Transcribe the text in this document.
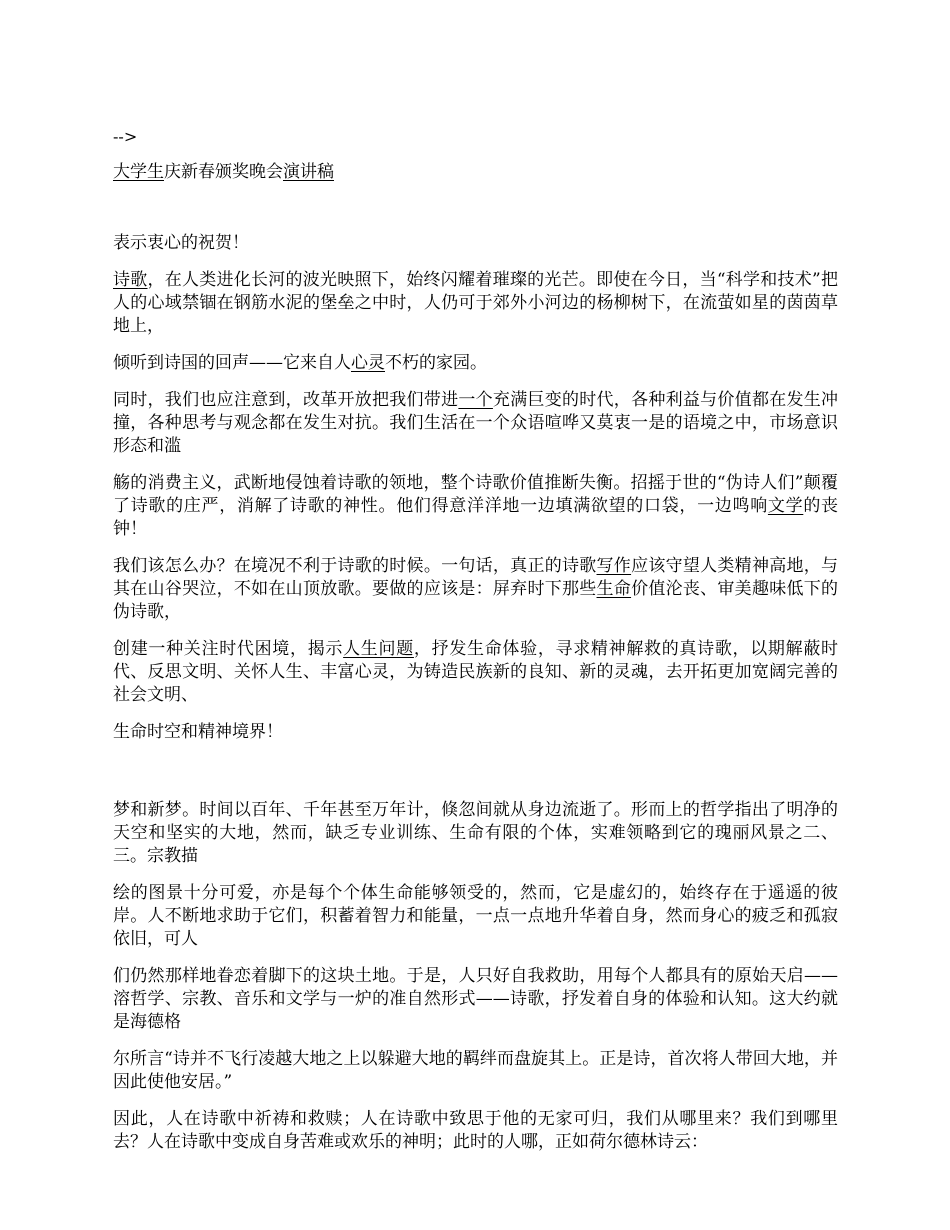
-->
大学生庆新春颁奖晚会演讲稿

表示衷心的祝贺！

诗歌，在人类进化长河的波光映照下，始终闪耀着璀璨的光芒。即使在今日，当“科学和技术”把人的心域禁锢在钢筋水泥的堡垒之中时，人仍可于郊外小河边的杨柳树下，在流萤如星的茵茵草地上，

倾听到诗国的回声——它来自人心灵不朽的家园。

同时，我们也应注意到，改革开放把我们带进一个充满巨变的时代，各种利益与价值都在发生冲撞，各种思考与观念都在发生对抗。我们生活在一个众语喧哗又莫衷一是的语境之中，市场意识形态和滥

觞的消费主义，武断地侵蚀着诗歌的领地，整个诗歌价值推断失衡。招摇于世的“伪诗人们”颠覆了诗歌的庄严，消解了诗歌的神性。他们得意洋洋地一边填满欲望的口袋，一边鸣响文学的丧钟！

我们该怎么办？在境况不利于诗歌的时候。一句话，真正的诗歌写作应该守望人类精神高地，与其在山谷哭泣，不如在山顶放歌。要做的应该是：屏弃时下那些生命价值沦丧、审美趣味低下的伪诗歌，

创建一种关注时代困境，揭示人生问题，抒发生命体验，寻求精神解救的真诗歌，以期解蔽时代、反思文明、关怀人生、丰富心灵，为铸造民族新的良知、新的灵魂，去开拓更加宽阔完善的社会文明、

生命时空和精神境界！

梦和新梦。时间以百年、千年甚至万年计，倏忽间就从身边流逝了。形而上的哲学指出了明净的天空和坚实的大地，然而，缺乏专业训练、生命有限的个体，实难领略到它的瑰丽风景之二、三。宗教描

绘的图景十分可爱，亦是每个个体生命能够领受的，然而，它是虚幻的，始终存在于遥遥的彼岸。人不断地求助于它们，积蓄着智力和能量，一点一点地升华着自身，然而身心的疲乏和孤寂依旧，可人

们仍然那样地眷恋着脚下的这块土地。于是，人只好自我救助，用每个人都具有的原始天启——溶哲学、宗教、音乐和文学与一炉的准自然形式——诗歌，抒发着自身的体验和认知。这大约就是海德格

尔所言“诗并不飞行凌越大地之上以躲避大地的羁绊而盘旋其上。正是诗，首次将人带回大地，并因此使他安居。”

因此，人在诗歌中祈祷和救赎；人在诗歌中致思于他的无家可归，我们从哪里来？我们到哪里去？人在诗歌中变成自身苦难或欢乐的神明；此时的人哪，正如荷尔德林诗云：
